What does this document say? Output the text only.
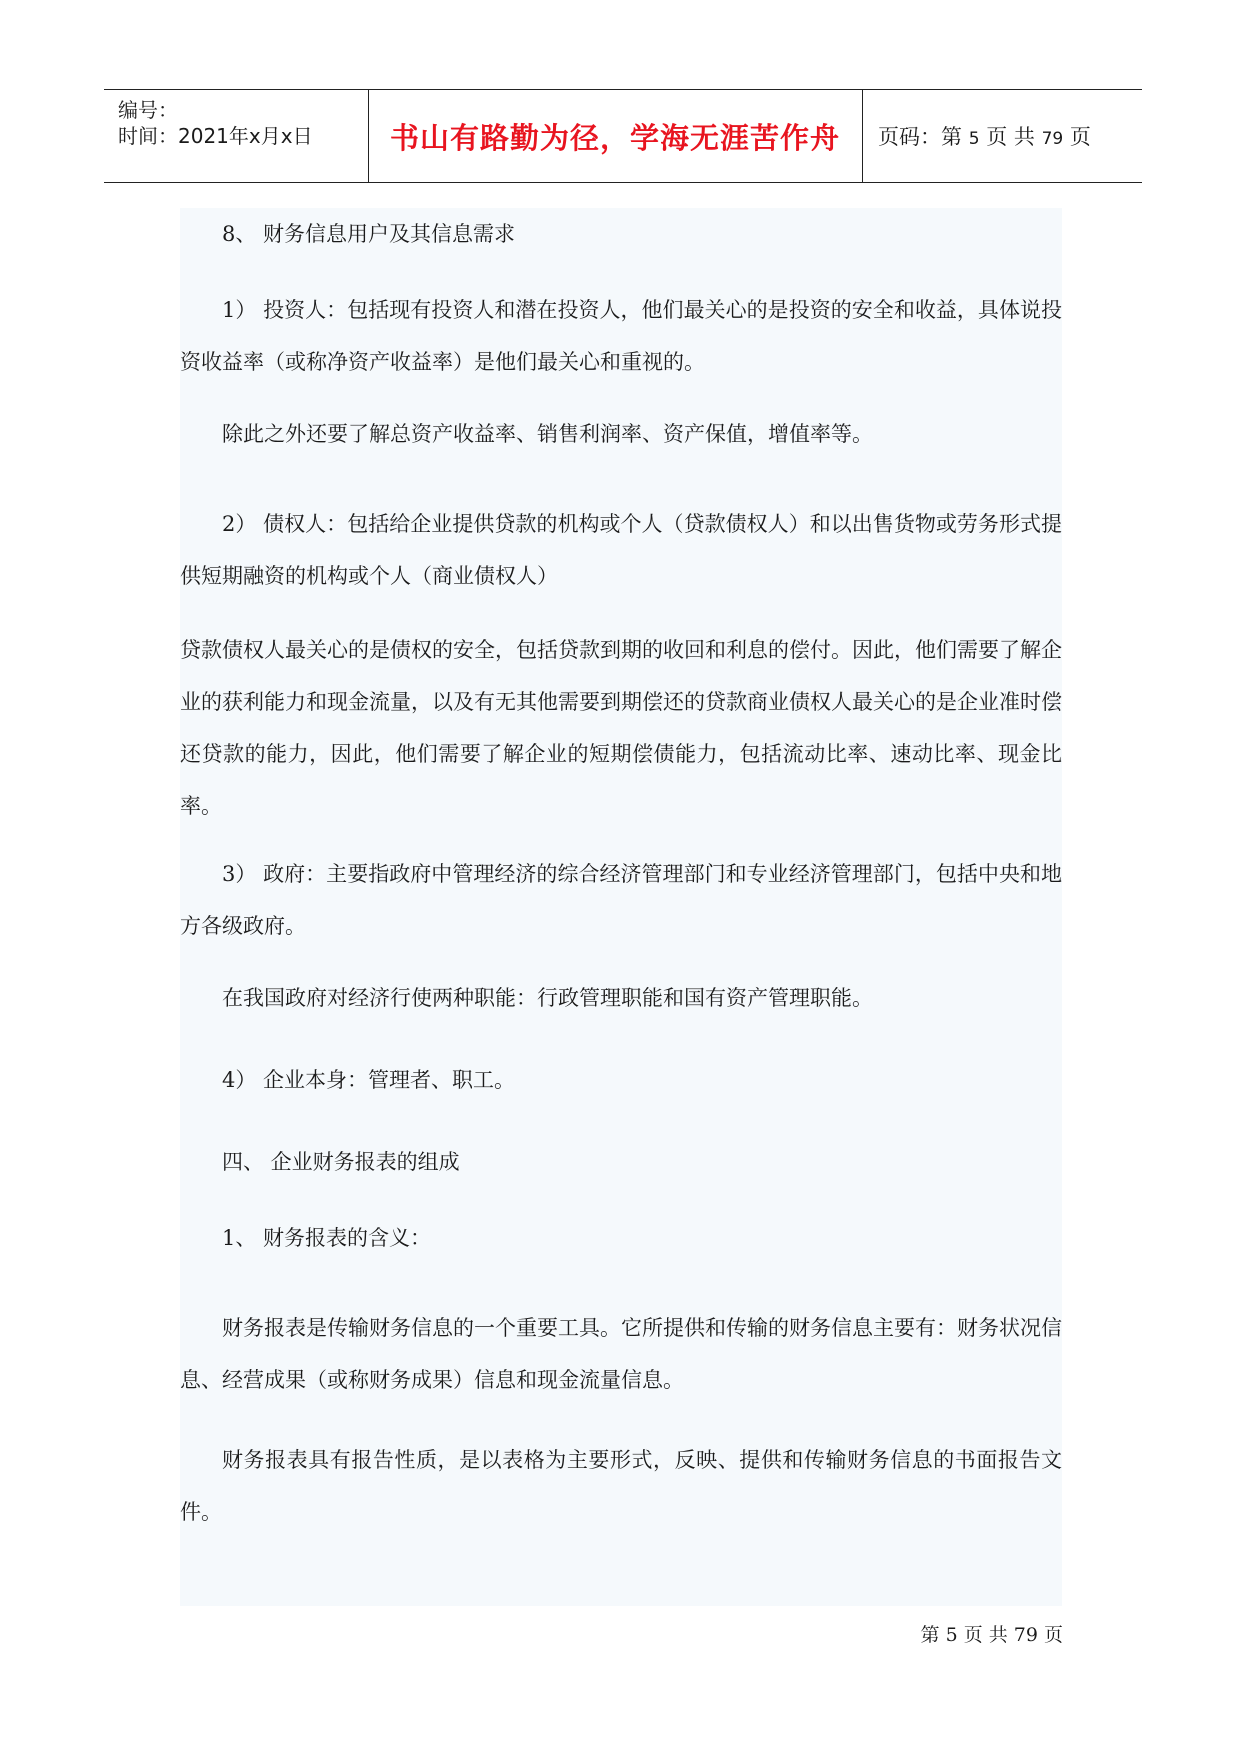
编号：
时间：2021年x月x日	书山有路勤为径，学海无涯苦作舟 页码：第 5 页 共 79 页
8、 财务信息用户及其信息需求
1） 投资人：包括现有投资人和潜在投资人，他们最关心的是投资的安全和收益，具体说投资收益率（或称净资产收益率）是他们最关心和重视的。
除此之外还要了解总资产收益率、销售利润率、资产保值，增值率等。
2） 债权人：包括给企业提供贷款的机构或个人（贷款债权人）和以出售货物或劳务形式提供短期融资的机构或个人（商业债权人）
贷款债权人最关心的是债权的安全，包括贷款到期的收回和利息的偿付。因此，他们需要了解企业的获利能力和现金流量，以及有无其他需要到期偿还的贷款商业债权人最关心的是企业准时偿还贷款的能力，因此，他们需要了解企业的短期偿债能力，包括流动比率、速动比率、现金比率。
3） 政府：主要指政府中管理经济的综合经济管理部门和专业经济管理部门，包括中央和地方各级政府。
在我国政府对经济行使两种职能：行政管理职能和国有资产管理职能。
4） 企业本身：管理者、职工。
四、 企业财务报表的组成
1、 财务报表的含义：
财务报表是传输财务信息的一个重要工具。它所提供和传输的财务信息主要有：财务状况信息、经营成果（或称财务成果）信息和现金流量信息。
财务报表具有报告性质，是以表格为主要形式，反映、提供和传输财务信息的书面报告文件。
第 5 页 共 79 页
